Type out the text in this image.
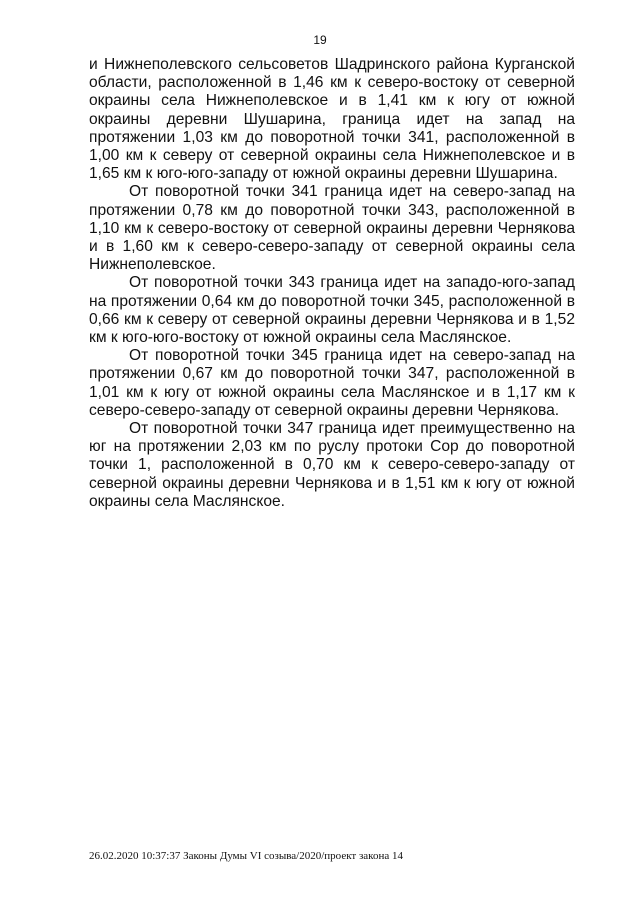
19

и Нижнеполевского сельсоветов Шадринского района Курганской области, расположенной в 1,46 км к северо-востоку от северной окраины села Нижнеполевское и в 1,41 км к югу от южной окраины деревни Шушарина, граница идет на запад на протяжении 1,03 км до поворотной точки 341, расположенной в 1,00 км к северу от северной окраины села Нижнеполевское и в 1,65 км к юго-юго-западу от южной окраины деревни Шушарина.

От поворотной точки 341 граница идет на северо-запад на протяжении 0,78 км до поворотной точки 343, расположенной в 1,10 км к северо-востоку от северной окраины деревни Чернякова и в 1,60 км к северо-северо-западу от северной окраины села Нижнеполевское.

От поворотной точки 343 граница идет на западо-юго-запад на протяжении 0,64 км до поворотной точки 345, расположенной в 0,66 км к северу от северной окраины деревни Чернякова и в 1,52 км к юго-юго-востоку от южной окраины села Маслянское.

От поворотной точки 345 граница идет на северо-запад на протяжении 0,67 км до поворотной точки 347, расположенной в 1,01 км к югу от южной окраины села Маслянское и в 1,17 км к северо-северо-западу от северной окраины деревни Чернякова.

От поворотной точки 347 граница идет преимущественно на юг на протяжении 2,03 км по руслу протоки Сор до поворотной точки 1, расположенной в 0,70 км к северо-северо-западу от северной окраины деревни Чернякова и в 1,51 км к югу от южной окраины села Маслянское.

26.02.2020 10:37:37 Законы Думы VI созыва/2020/проект закона 14
